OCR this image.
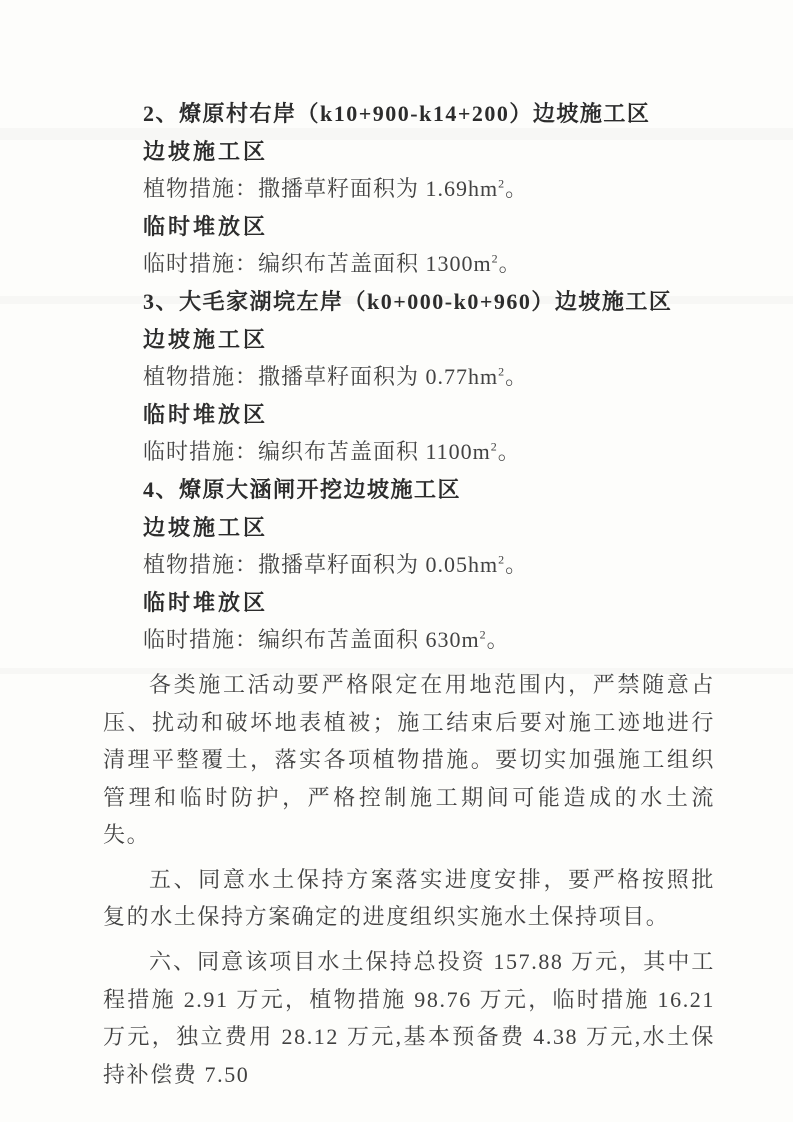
2、燎原村右岸（k10+900-k14+200）边坡施工区
边坡施工区
植物措施：撒播草籽面积为 $1.69hm^2$。
临时堆放区
临时措施：编织布苫盖面积 $1300m^2$。
3、大毛家湖垸左岸（k0+000-k0+960）边坡施工区
边坡施工区
植物措施：撒播草籽面积为 $0.77hm^2$。
临时堆放区
临时措施：编织布苫盖面积 $1100m^2$。
4、燎原大涵闸开挖边坡施工区
边坡施工区
植物措施：撒播草籽面积为 $0.05hm^2$。
临时堆放区
临时措施：编织布苫盖面积 $630m^2$。

各类施工活动要严格限定在用地范围内，严禁随意占压、扰动和破坏地表植被；施工结束后要对施工迹地进行清理平整覆土，落实各项植物措施。要切实加强施工组织管理和临时防护，严格控制施工期间可能造成的水土流失。

五、同意水土保持方案落实进度安排，要严格按照批复的水土保持方案确定的进度组织实施水土保持项目。

六、同意该项目水土保持总投资 157.88 万元，其中工程措施 2.91 万元，植物措施 98.76 万元，临时措施 16.21 万元，独立费用 28.12 万元,基本预备费 4.38 万元,水土保持补偿费 7.50
